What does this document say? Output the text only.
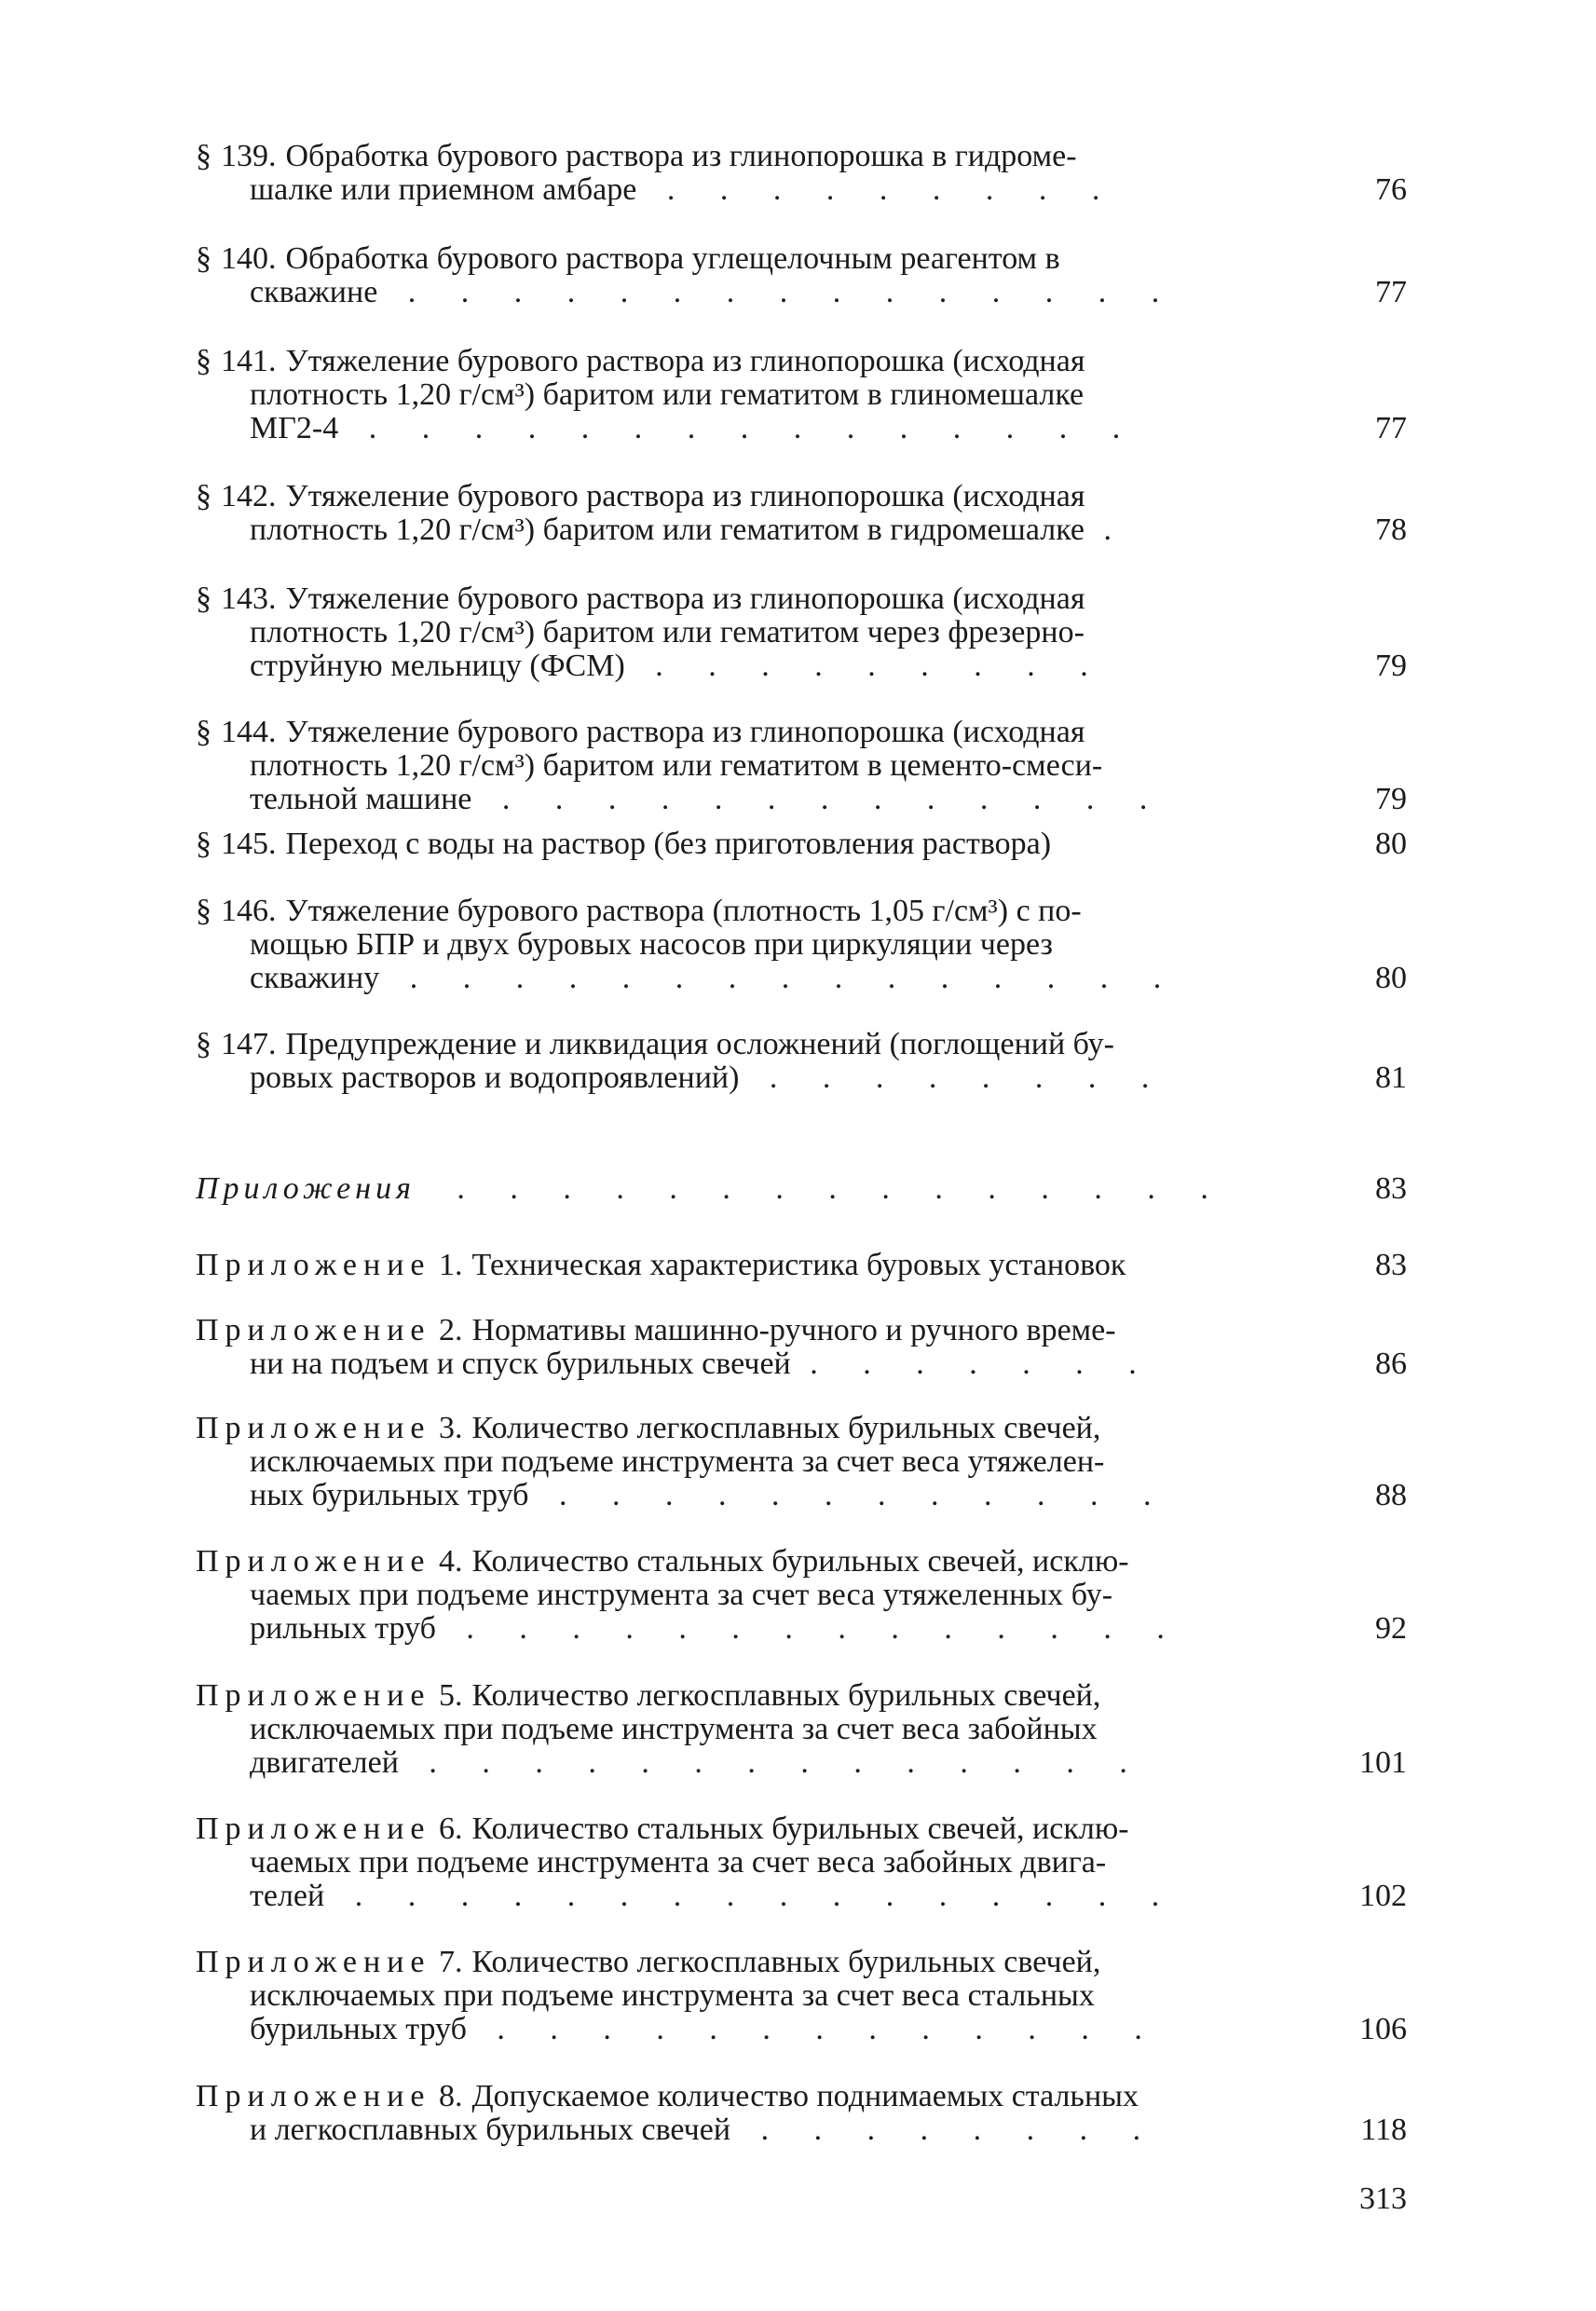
§ 139. Обработка бурового раствора из глинопорошка в гидроме-
шалке или приемном амбаре . . . . . . . . .	76
§ 140. Обработка бурового раствора углещелочным реагентом в
скважине . . . . . . . . . . . . . . .	77
§ 141. Утяжеление бурового раствора из глинопорошка (исходная
плотность 1,20 г/см³) баритом или гематитом в глиномешалке
МГ2-4 . . . . . . . . . . . . . . .	77
§ 142. Утяжеление бурового раствора из глинопорошка (исходная
плотность 1,20 г/см³) баритом или гематитом в гидромешалке .	78
§ 143. Утяжеление бурового раствора из глинопорошка (исходная
плотность 1,20 г/см³) баритом или гематитом через фрезерно-
струйную мельницу (ФСМ) . . . . . . . . .	79
§ 144. Утяжеление бурового раствора из глинопорошка (исходная
плотность 1,20 г/см³) баритом или гематитом в цементо-смеси-
тельной машине . . . . . . . . . . . . .	79
§ 145. Переход с воды на раствор (без приготовления раствора)	80
§ 146. Утяжеление бурового раствора (плотность 1,05 г/см³) с по-
мощью БПР и двух буровых насосов при циркуляции через
скважину . . . . . . . . . . . . . . .	80
§ 147. Предупреждение и ликвидация осложнений (поглощений бу-
ровых растворов и водопроявлений) . . . . . . . .	81
Приложения . . . . . . . . . . . . . . .	83
Приложение 1. Техническая характеристика буровых установок	83
Приложение 2. Нормативы машинно-ручного и ручного време-
ни на подъем и спуск бурильных свечей . . . . . . .	86
Приложение 3. Количество легкосплавных бурильных свечей,
исключаемых при подъеме инструмента за счет веса утяжелен-
ных бурильных труб . . . . . . . . . . . .	88
Приложение 4. Количество стальных бурильных свечей, исклю-
чаемых при подъеме инструмента за счет веса утяжеленных бу-
рильных труб . . . . . . . . . . . . . .	92
Приложение 5. Количество легкосплавных бурильных свечей,
исключаемых при подъеме инструмента за счет веса забойных
двигателей . . . . . . . . . . . . . .	101
Приложение 6. Количество стальных бурильных свечей, исклю-
чаемых при подъеме инструмента за счет веса забойных двига-
телей . . . . . . . . . . . . . . . .	102
Приложение 7. Количество легкосплавных бурильных свечей,
исключаемых при подъеме инструмента за счет веса стальных
бурильных труб . . . . . . . . . . . . .	106
Приложение 8. Допускаемое количество поднимаемых стальных
и легкосплавных бурильных свечей . . . . . . . .	118
313
